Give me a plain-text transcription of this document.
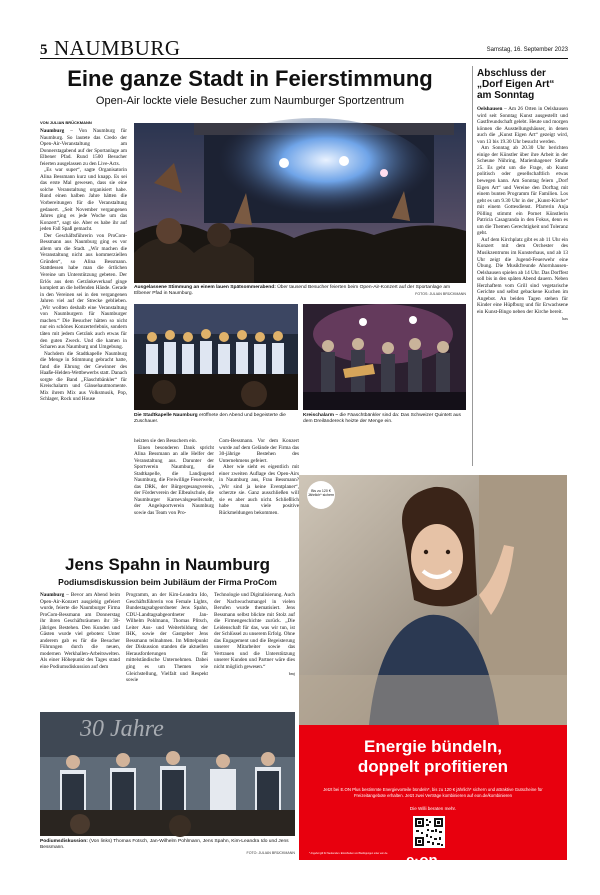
5 NAUMBURG	Samstag, 16. September 2023
Eine ganze Stadt in Feierstimmung
Open-Air lockte viele Besucher zum Naumburger Sportzentrum
VON JULIAN BRÜCKMANN

Naumburg – Von Naumburg für Naumburg. So lautete das Credo der Open-Air-Veranstaltung am Donnerstagabend auf der Sportanlage am Elbener Pfad. Rund 1500 Besucher feierten ausgelassen zu den Live-Acts.

„Es war super“, sagte Organisatorin Alina Bessmann kurz und knapp. Es sei das erste Mal gewesen, dass sie eine solche Veranstaltung organisiert habe. Rund einen halben Jahre hätten die Vorbereitungen für die Veranstaltung gedauert. „Seit November vergangenen Jahres ging es jede Woche um das Konzert“, sagt sie. Aber es habe ihr auf jeden Fall Spaß gemacht.

Der Geschäftsführerin von ProCom-Bessmann aus Naumburg ging es vor allem um die Stadt. „Wir machen die Veranstaltung nicht aus kommerziellen Gründen“, so Alina Bessmann. Stattdessen habe man die örtlichen Vereine um Unterstützung gebeten. Der Erlös aus dem Getränkeverkauf ginge komplett an die helfenden Hände. Gerade in den Vereinen sei in den vergangenen Jahren viel auf der Strecke geblieben. „Wir wollten deshalb eine Veranstaltung von Naumburgern für Naumburger machen.“ Die Besucher hätten so nicht nur ein schönes Konzerterlebnis, sondern täten mit jedem Getränk auch etwas für den guten Zweck. Und die kamen in Scharen aus Naumburg und Umgebung.

Nachdem die Stadtkapelle Naumburg die Menge in Stimmung gebracht hatte, fand die Ehrung der Gewinner des Haaße-Helden-Wettbewerbs statt. Danach sorgte die Band „Fäaschtbänkler“ für Kreischalarm und Gänsehautmomente. Mix ihrem Mix aus Volksmusik, Pop, Schlager, Rock und House

Ausgelassene Stimmung an einem lauen Spätsommerabend: Über tausend Besucher feierten beim Open-Air-Konzert auf der Sportanlage am Elbener Pfad in Naumburg.	FOTOS: JULIAN BRÜCKMANN
Die Stadtkapelle Naumburg eröffnete den Abend und begeisterte die Zuschauer.
Kreischalarm – die Fäaschtbänkler sind da: Das Schweizer Quintett aus dem Dreiländereck heizte der Menge ein.

heizten sie den Besuchern ein.

Einen besonderen Dank spricht Alina Bessmann an alle Helfer der Veranstaltung aus. Darunter der Sportverein Naumburg, die Stadtkapelle, die Landjugend Naumburg, die Freiwillige Feuerwehr, das DRK, der Bürgergesangverein, der Förderverein der Elbealschule, die Naumburger Karnevalsgesellschaft, der Angelsportverein Naumburg sowie das Team von Pro-

Com-Bessmann. Vor dem Konzert wurde auf dem Gelände der Firma das 30-jährige Bestehen des Unternehmens gefeiert.

Aber wie sieht es eigentlich mit einer zweiten Auflage des Open-Airs in Naumburg aus, Frau Bessmann? „Wir sind ja keine Eventplaner“, scherzte sie. Ganz ausschließen will sie es aber auch nicht. Schließlich habe man viele positive Rückmeldungen bekommen.

Abschluss der „Dorf Eigen Art“ am Sonntag

Oelshausen – Am 26 Orten in Oelshausen wird seit Sonntag Kunst ausgestellt und Gastfreundschaft gelebt. Heute und morgen können die Ausstellungshäuser, in denen auch die „Kunst Eigen Art“ gezeigt wird, von 13 bis 19.30 Uhr besucht werden.

Am Sonntag ab 20.30 Uhr berichten einige der Künstler über ihre Arbeit in der Scheune Nühring, Marienhagener Straße 25. Es geht um die Frage, ob Kunst politisch oder gesellschaftlich etwas bewegen kann. Am Sonntag feiern „Dorf Eigen Art“ und Vereine den Dorftag mit einem bunten Programm für Familien. Los geht es um 9.30 Uhr in der „Kunst-Kirche“ mit einem Gottesdienst. Pfarrerin Anja Pölling stimmt ein Pornet Künstlerin Patricia Casagranda in den Fokus, denn es um die Themen Gerechtigkeit und Toleranz geht.

Auf dem Kirchplatz gibt es ab 11 Uhr ein Konzert mit dem Orchester des Musikzentrums im Kunsterhaus, und ab 13 Uhr zeigt die Jugend-Feuerwehr eine Übung. Die Musikfreunde Ahornhausen-Oelshausen spielen ab 14 Uhr. Das Dorffest soll bis in den späten Abend dauern. Neben Herzhaftem vom Grill sind vegetarische Gerichte und selbst gebackene Kuchen im Angebot. An beiden Tagen stehen für Kinder eine Hüpfburg und für Erwachsene ein Kunst-Bingo neben der Kirche bereit.

bax

Jens Spahn in Naumburg
Podiumsdiskussion beim Jubiläum der Firma ProCom

Naumburg – Bevor am Abend beim Open-Air-Konzert ausgiebig gefeiert wurde, feierte die Naumburger Firma ProCom-Bessmann am Donnerstag ihr ihren Geschäftsräumen ihr 30-jähriges Bestehen. Den Kunden und Gästen wurde viel geboten: Unter anderem gab es für die Besucher Führungen durch die neuen, modernen Werkhallen-Arbeitswelten. Als einer Höhepunkt des Tages stand eine Podiumsdiskussion auf dem

Programm, an der Kim-Leandra Ido, Geschäftsführerin von Female Lights, Bundestagsabgeordneter Jens Spahn, CDU-Landtagsabgeordneter Jan-Wilhelm Pohlmann, Thomas Plitsch, Leiter Aus- und Weiterbildung der IHK, sowie der Gastgeber Jens Bessmann teilnahmen. Im Mittelpunkt der Diskussion standen die aktuellen Herausforderungen für mittelständische Unternehmen. Dabei ging es um Themen wie Gleichstellung, Vielfalt und Respekt sowie

Technologie und Digitalisierung. Auch der Nachwuchsmangel in vielen Berufen wurde thematisiert. Jens Bessmann selbst blickte mit Stolz auf die Firmengeschichte zurück. „Die Leidenschaft für das, was wir tun, ist der Schlüssel zu unserem Erfolg. Ohne das Engagement und die Begeisterung unserer Mitarbeiter sowie das Vertrauen und die Unterstützung unserer Kunden und Partner wäre dies nicht möglich gewesen.“

bmj

30 Jahre
Podiumsdiskussion: (Von links) Thomas Fotsch, Jan-Wilhelm Pohlmann, Jens Spahn, Kim-Leandra Ido und Jens Bessmann.
FOTO: JULIAN BRÜCKMANN
Bis zu 120 € Jährlich* sichern
Energie bündeln,
doppelt profitieren
Jetzt bei E.ON Plus bestimmte Energievorteile bündeln*, bis zu 120 € jährlich* sichern und attraktive Gutscheine für Freizeitangebote erhalten. Jetzt zwei Verträge kombinieren auf eon.de/kombinieren
Die Willi beraten mehr.
* Angebot gilt für Neukunden. Einzelheiten und Bedingungen unter eon.de.	e·on
